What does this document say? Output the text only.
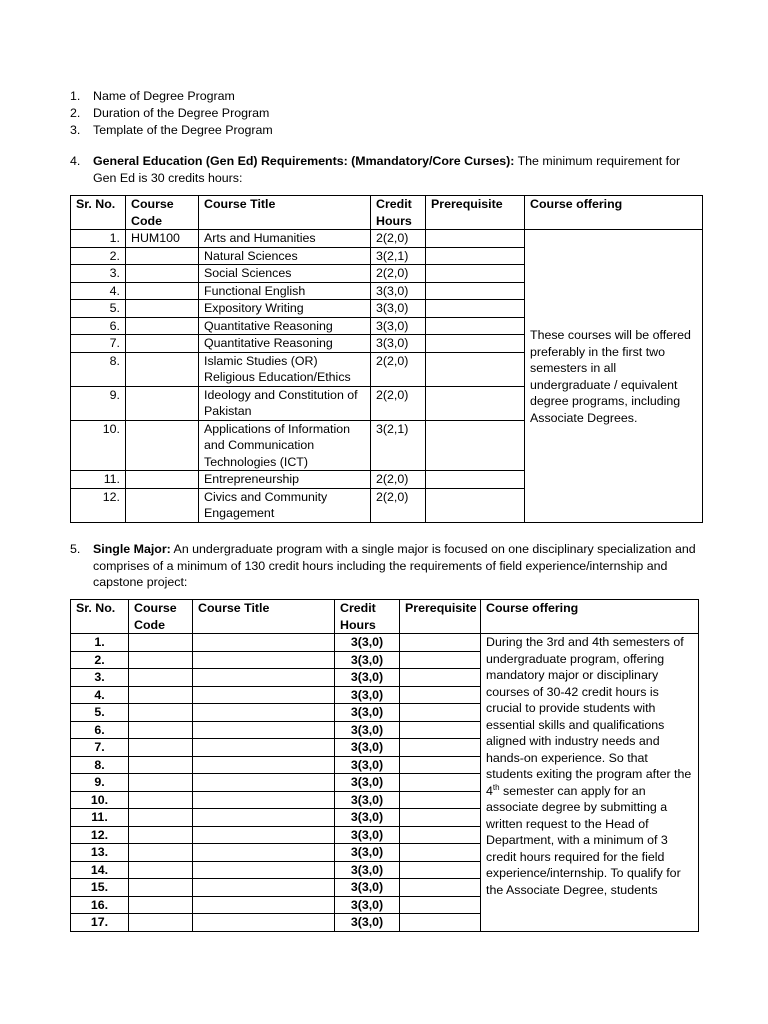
1. Name of Degree Program
2. Duration of the Degree Program
3. Template of the Degree Program
4. General Education (Gen Ed) Requirements: (Mmandatory/Core Curses): The minimum requirement for Gen Ed is 30 credits hours:
Sr. No.	Course Code	Course Title	Credit Hours	Prerequisite	Course offering
1.	HUM100	Arts and Humanities	2(2,0)		These courses will be offered preferably in the first two semesters in all undergraduate / equivalent degree programs, including Associate Degrees.
2.		Natural Sciences	3(2,1)		
3.		Social Sciences	2(2,0)		
4.		Functional English	3(3,0)		
5.		Expository Writing	3(3,0)		
6.		Quantitative Reasoning	3(3,0)		
7.		Quantitative Reasoning	3(3,0)		
8.		Islamic Studies (OR) Religious Education/Ethics	2(2,0)		
9.		Ideology and Constitution of Pakistan	2(2,0)		
10.		Applications of Information and Communication Technologies (ICT)	3(2,1)		
11.		Entrepreneurship	2(2,0)		
12.		Civics and Community Engagement	2(2,0)		
5. Single Major: An undergraduate program with a single major is focused on one disciplinary specialization and comprises of a minimum of 130 credit hours including the requirements of field experience/internship and capstone project:
Sr. No.	Course Code	Course Title	Credit Hours	Prerequisite	Course offering
1.			3(3,0)		During the 3rd and 4th semesters of undergraduate program, offering mandatory major or disciplinary courses of 30-42 credit hours is crucial to provide students with essential skills and qualifications aligned with industry needs and hands-on experience. So that students exiting the program after the 4th semester can apply for an associate degree by submitting a written request to the Head of Department, with a minimum of 3 credit hours required for the field experience/internship. To qualify for the Associate Degree, students
2.			3(3,0)		
3.			3(3,0)		
4.			3(3,0)		
5.			3(3,0)		
6.			3(3,0)		
7.			3(3,0)		
8.			3(3,0)		
9.			3(3,0)		
10.			3(3,0)		
11.			3(3,0)		
12.			3(3,0)		
13.			3(3,0)		
14.			3(3,0)		
15.			3(3,0)		
16.			3(3,0)		
17.			3(3,0)		
